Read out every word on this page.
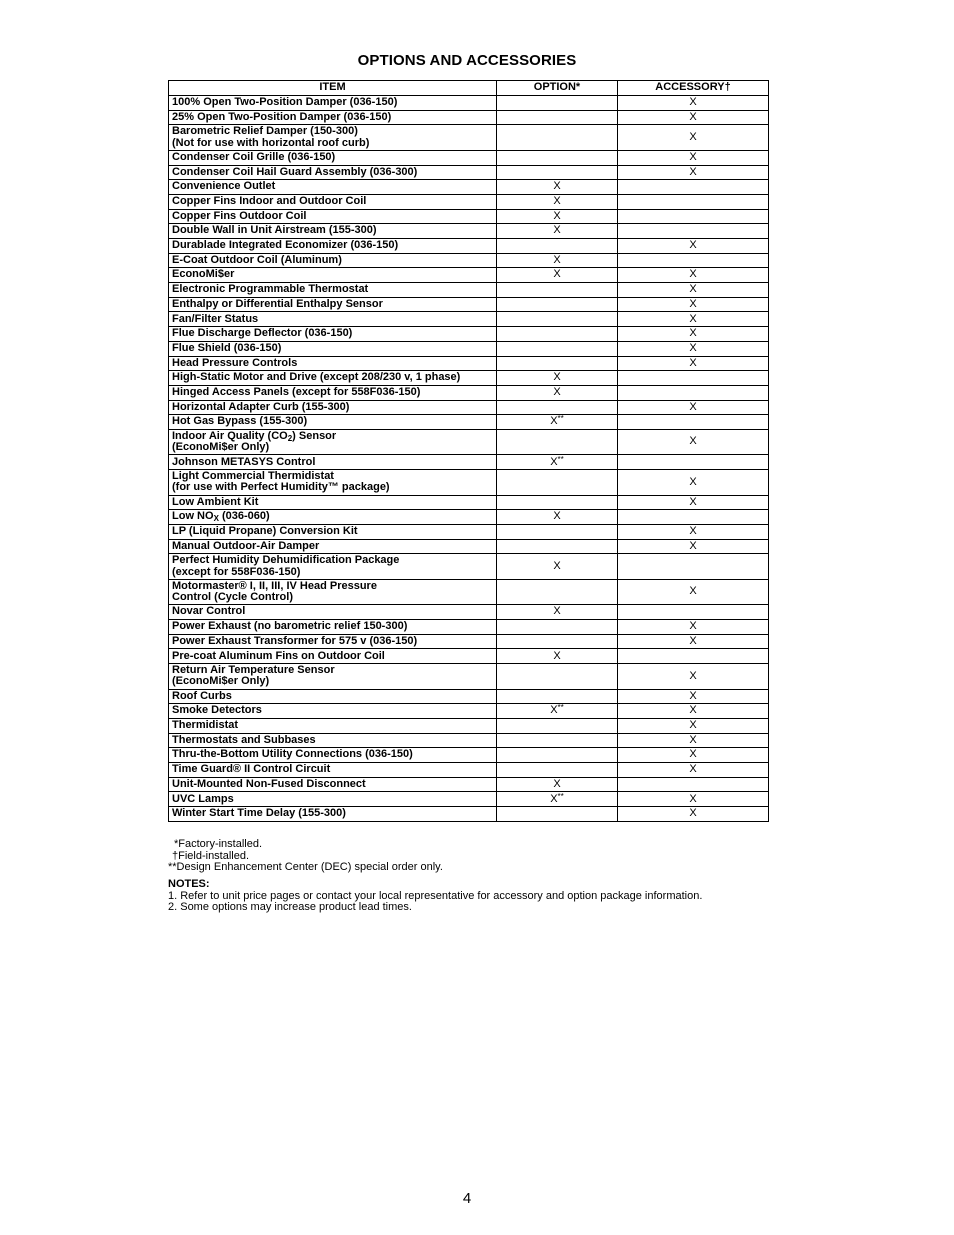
OPTIONS AND ACCESSORIES
ITEM	OPTION*	ACCESSORY†

100% Open Two-Position Damper (036-150)		X

25% Open Two-Position Damper (036-150)		X

Barometric Relief Damper (150-300)
(Not for use with horizontal roof curb)		X

Condenser Coil Grille (036-150)		X

Condenser Coil Hail Guard Assembly (036-300)		X

Convenience Outlet	X	

Copper Fins Indoor and Outdoor Coil	X	

Copper Fins Outdoor Coil	X	

Double Wall in Unit Airstream (155-300)	X	

Durablade Integrated Economizer (036-150)		X

E-Coat Outdoor Coil (Aluminum)	X	

EconoMi$er	X	X

Electronic Programmable Thermostat		X

Enthalpy or Differential Enthalpy Sensor		X

Fan/Filter Status		X

Flue Discharge Deflector (036-150)		X

Flue Shield (036-150)		X

Head Pressure Controls		X

High-Static Motor and Drive (except 208/230 v, 1 phase)	X	

Hinged Access Panels (except for 558F036-150)	X	

Horizontal Adapter Curb (155-300)		X

Hot Gas Bypass (155-300)	X**	

Indoor Air Quality $(CO_2)$ Sensor
(EconoMi$er Only)		X

Johnson METASYS Control	X**	

Light Commercial Thermidistat
(for use with Perfect Humidity™ package)		X

Low Ambient Kit		X

Low $NO_X$ (036-060)	X	

LP (Liquid Propane) Conversion Kit		X

Manual Outdoor-Air Damper		X

Perfect Humidity Dehumidification Package
(except for 558F036-150)	X	

Motormaster® I, II, III, IV Head Pressure
Control (Cycle Control)		X

Novar Control	X	

Power Exhaust (no barometric relief 150-300)		X

Power Exhaust Transformer for 575 v (036-150)		X

Pre-coat Aluminum Fins on Outdoor Coil	X	

Return Air Temperature Sensor
(EconoMi$er Only)		X

Roof Curbs		X

Smoke Detectors	X**	X

Thermidistat		X

Thermostats and Subbases		X

Thru-the-Bottom Utility Connections (036-150)		X

Time Guard® II Control Circuit		X

Unit-Mounted Non-Fused Disconnect	X	

UVC Lamps	X**	X

Winter Start Time Delay (155-300)		X
*Factory-installed.
†Field-installed.
**Design Enhancement Center (DEC) special order only.
NOTES:
1. Refer to unit price pages or contact your local representative for accessory and option package information.
2. Some options may increase product lead times.
4
